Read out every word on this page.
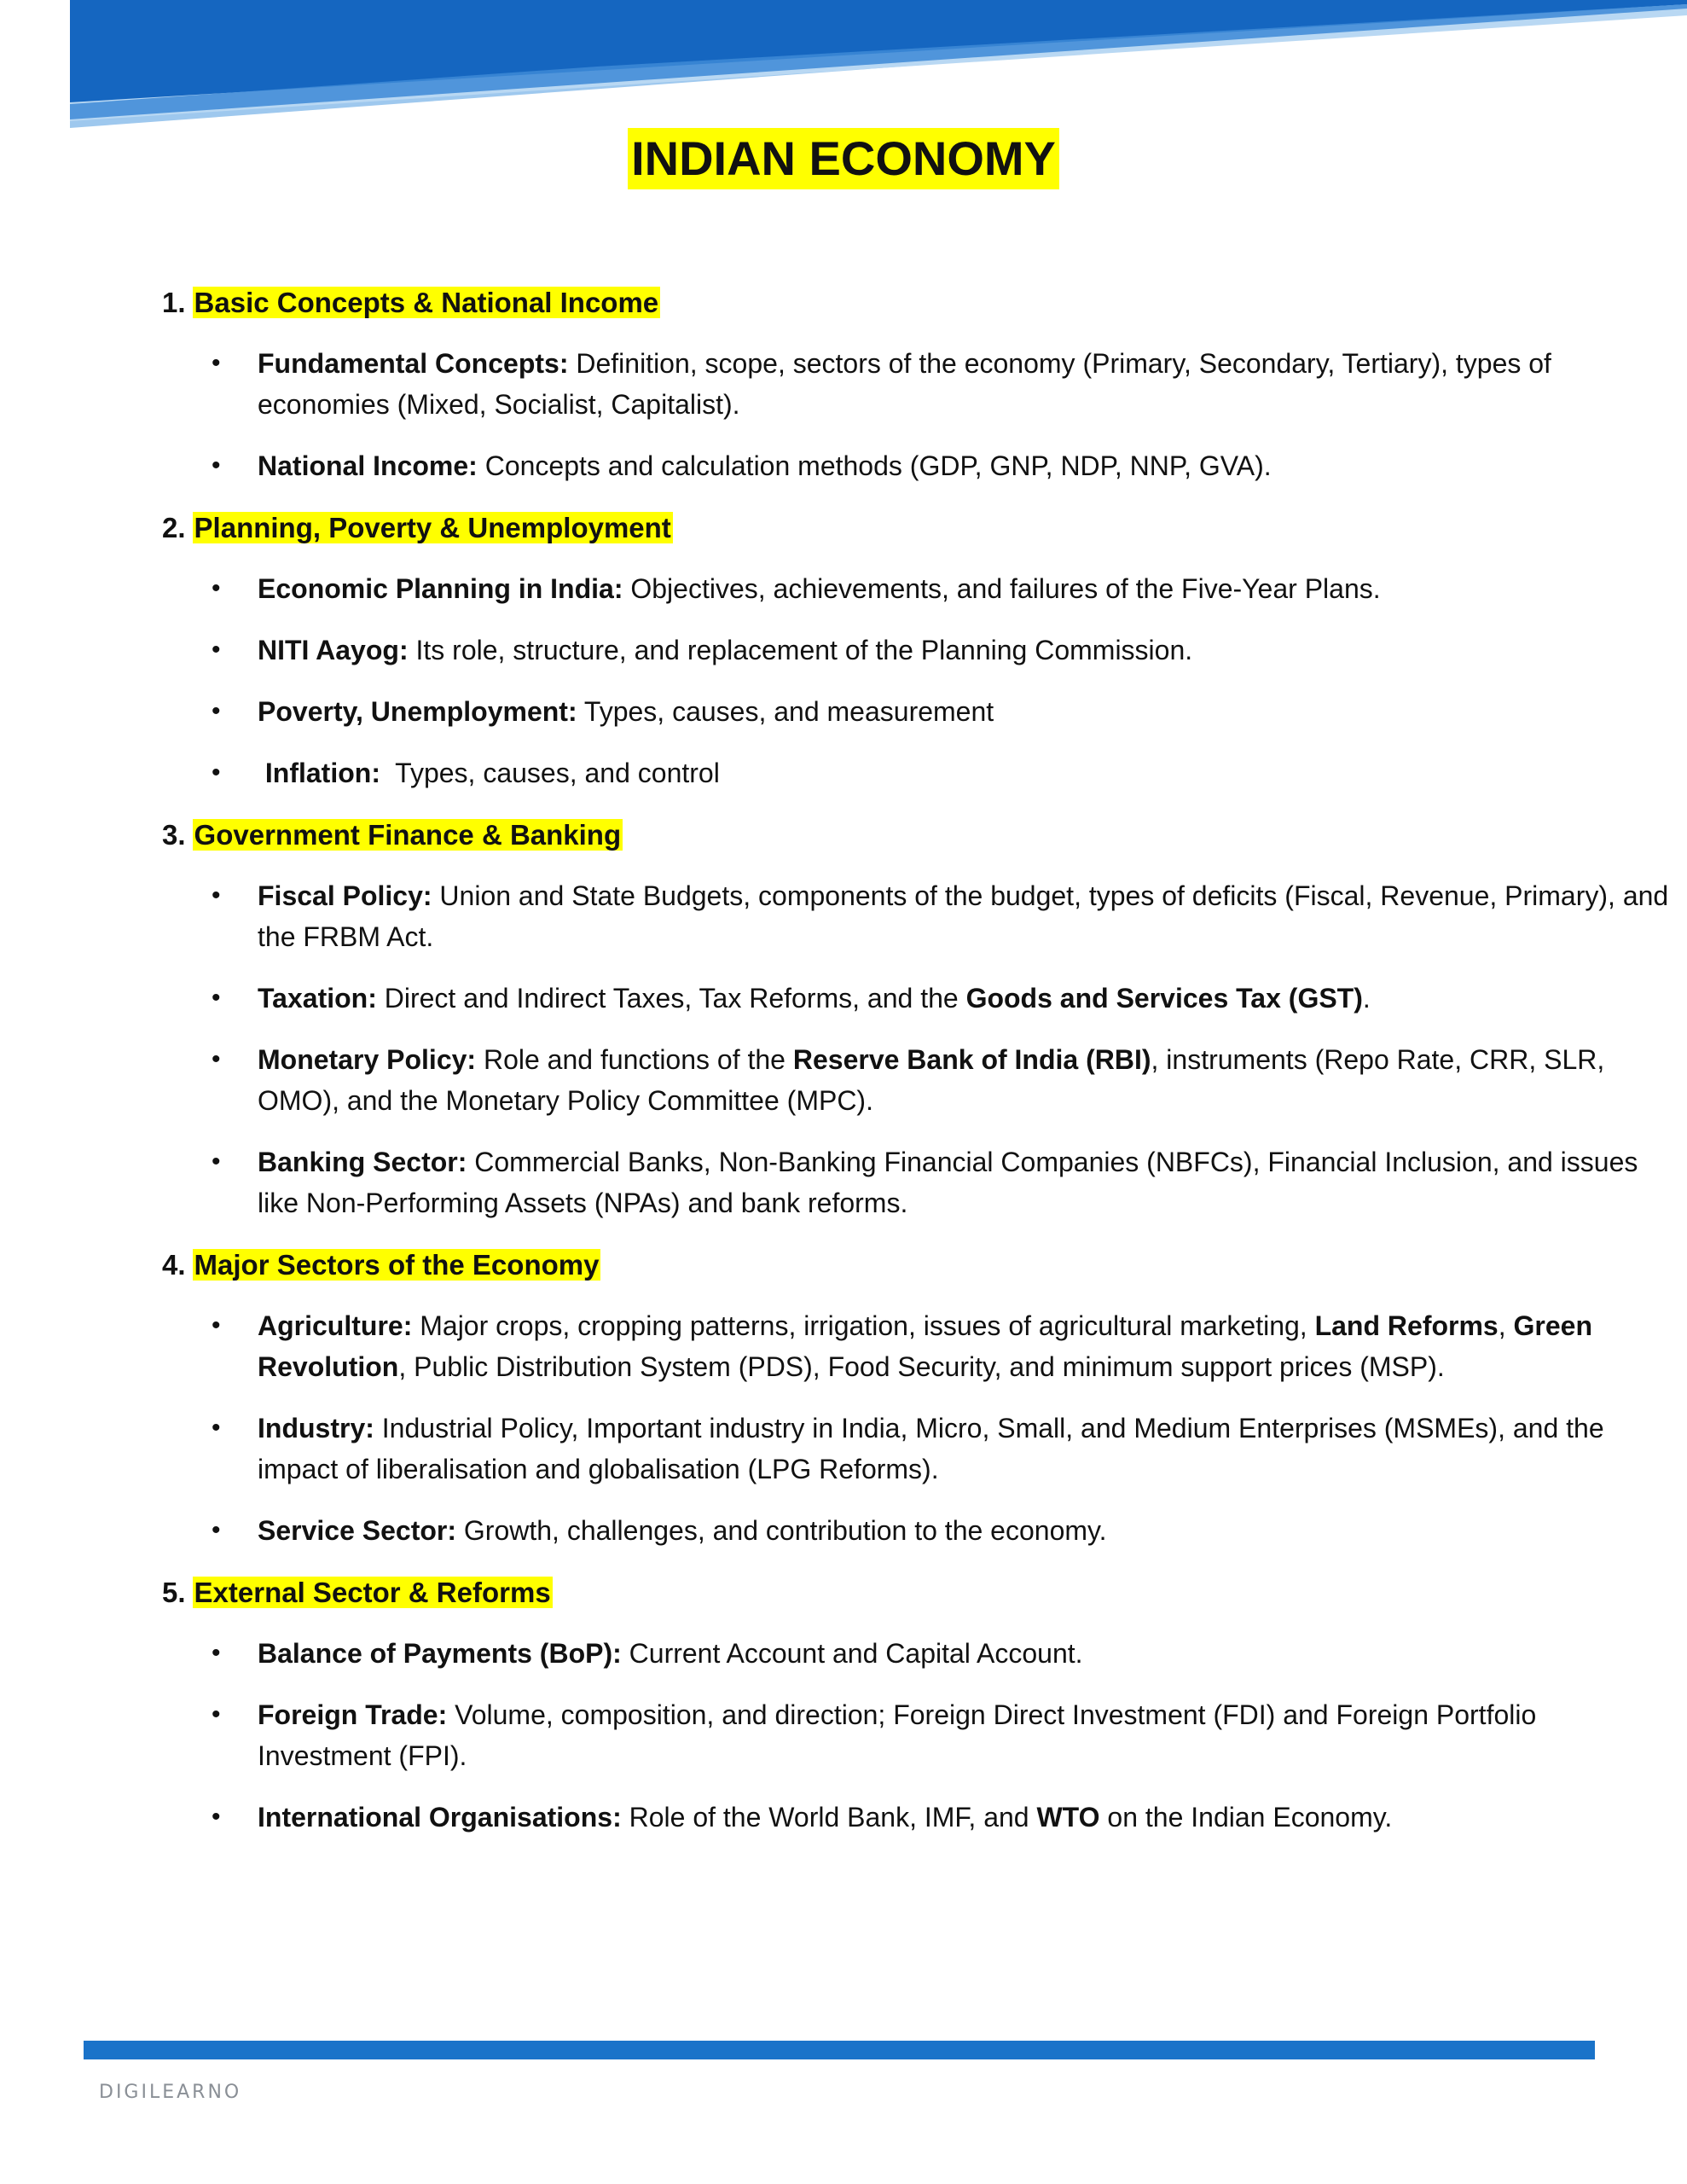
INDIAN ECONOMY
1. Basic Concepts & National Income
• Fundamental Concepts: Definition, scope, sectors of the economy (Primary, Secondary, Tertiary), types of economies (Mixed, Socialist, Capitalist).
• National Income: Concepts and calculation methods (GDP, GNP, NDP, NNP, GVA).
2. Planning, Poverty & Unemployment
• Economic Planning in India: Objectives, achievements, and failures of the Five-Year Plans.
• NITI Aayog: Its role, structure, and replacement of the Planning Commission.
• Poverty, Unemployment: Types, causes, and measurement
• Inflation:  Types, causes, and control
3. Government Finance & Banking
• Fiscal Policy: Union and State Budgets, components of the budget, types of deficits (Fiscal, Revenue, Primary), and the FRBM Act.
• Taxation: Direct and Indirect Taxes, Tax Reforms, and the Goods and Services Tax (GST).
• Monetary Policy: Role and functions of the Reserve Bank of India (RBI), instruments (Repo Rate, CRR, SLR, OMO), and the Monetary Policy Committee (MPC).
• Banking Sector: Commercial Banks, Non-Banking Financial Companies (NBFCs), Financial Inclusion, and issues like Non-Performing Assets (NPAs) and bank reforms.
4. Major Sectors of the Economy
• Agriculture: Major crops, cropping patterns, irrigation, issues of agricultural marketing, Land Reforms, Green Revolution, Public Distribution System (PDS), Food Security, and minimum support prices (MSP).
• Industry: Industrial Policy, Important industry in India, Micro, Small, and Medium Enterprises (MSMEs), and the impact of liberalisation and globalisation (LPG Reforms).
• Service Sector: Growth, challenges, and contribution to the economy.
5. External Sector & Reforms
• Balance of Payments (BoP): Current Account and Capital Account.
• Foreign Trade: Volume, composition, and direction; Foreign Direct Investment (FDI) and Foreign Portfolio Investment (FPI).
• International Organisations: Role of the World Bank, IMF, and WTO on the Indian Economy.
DIGILEARNO
